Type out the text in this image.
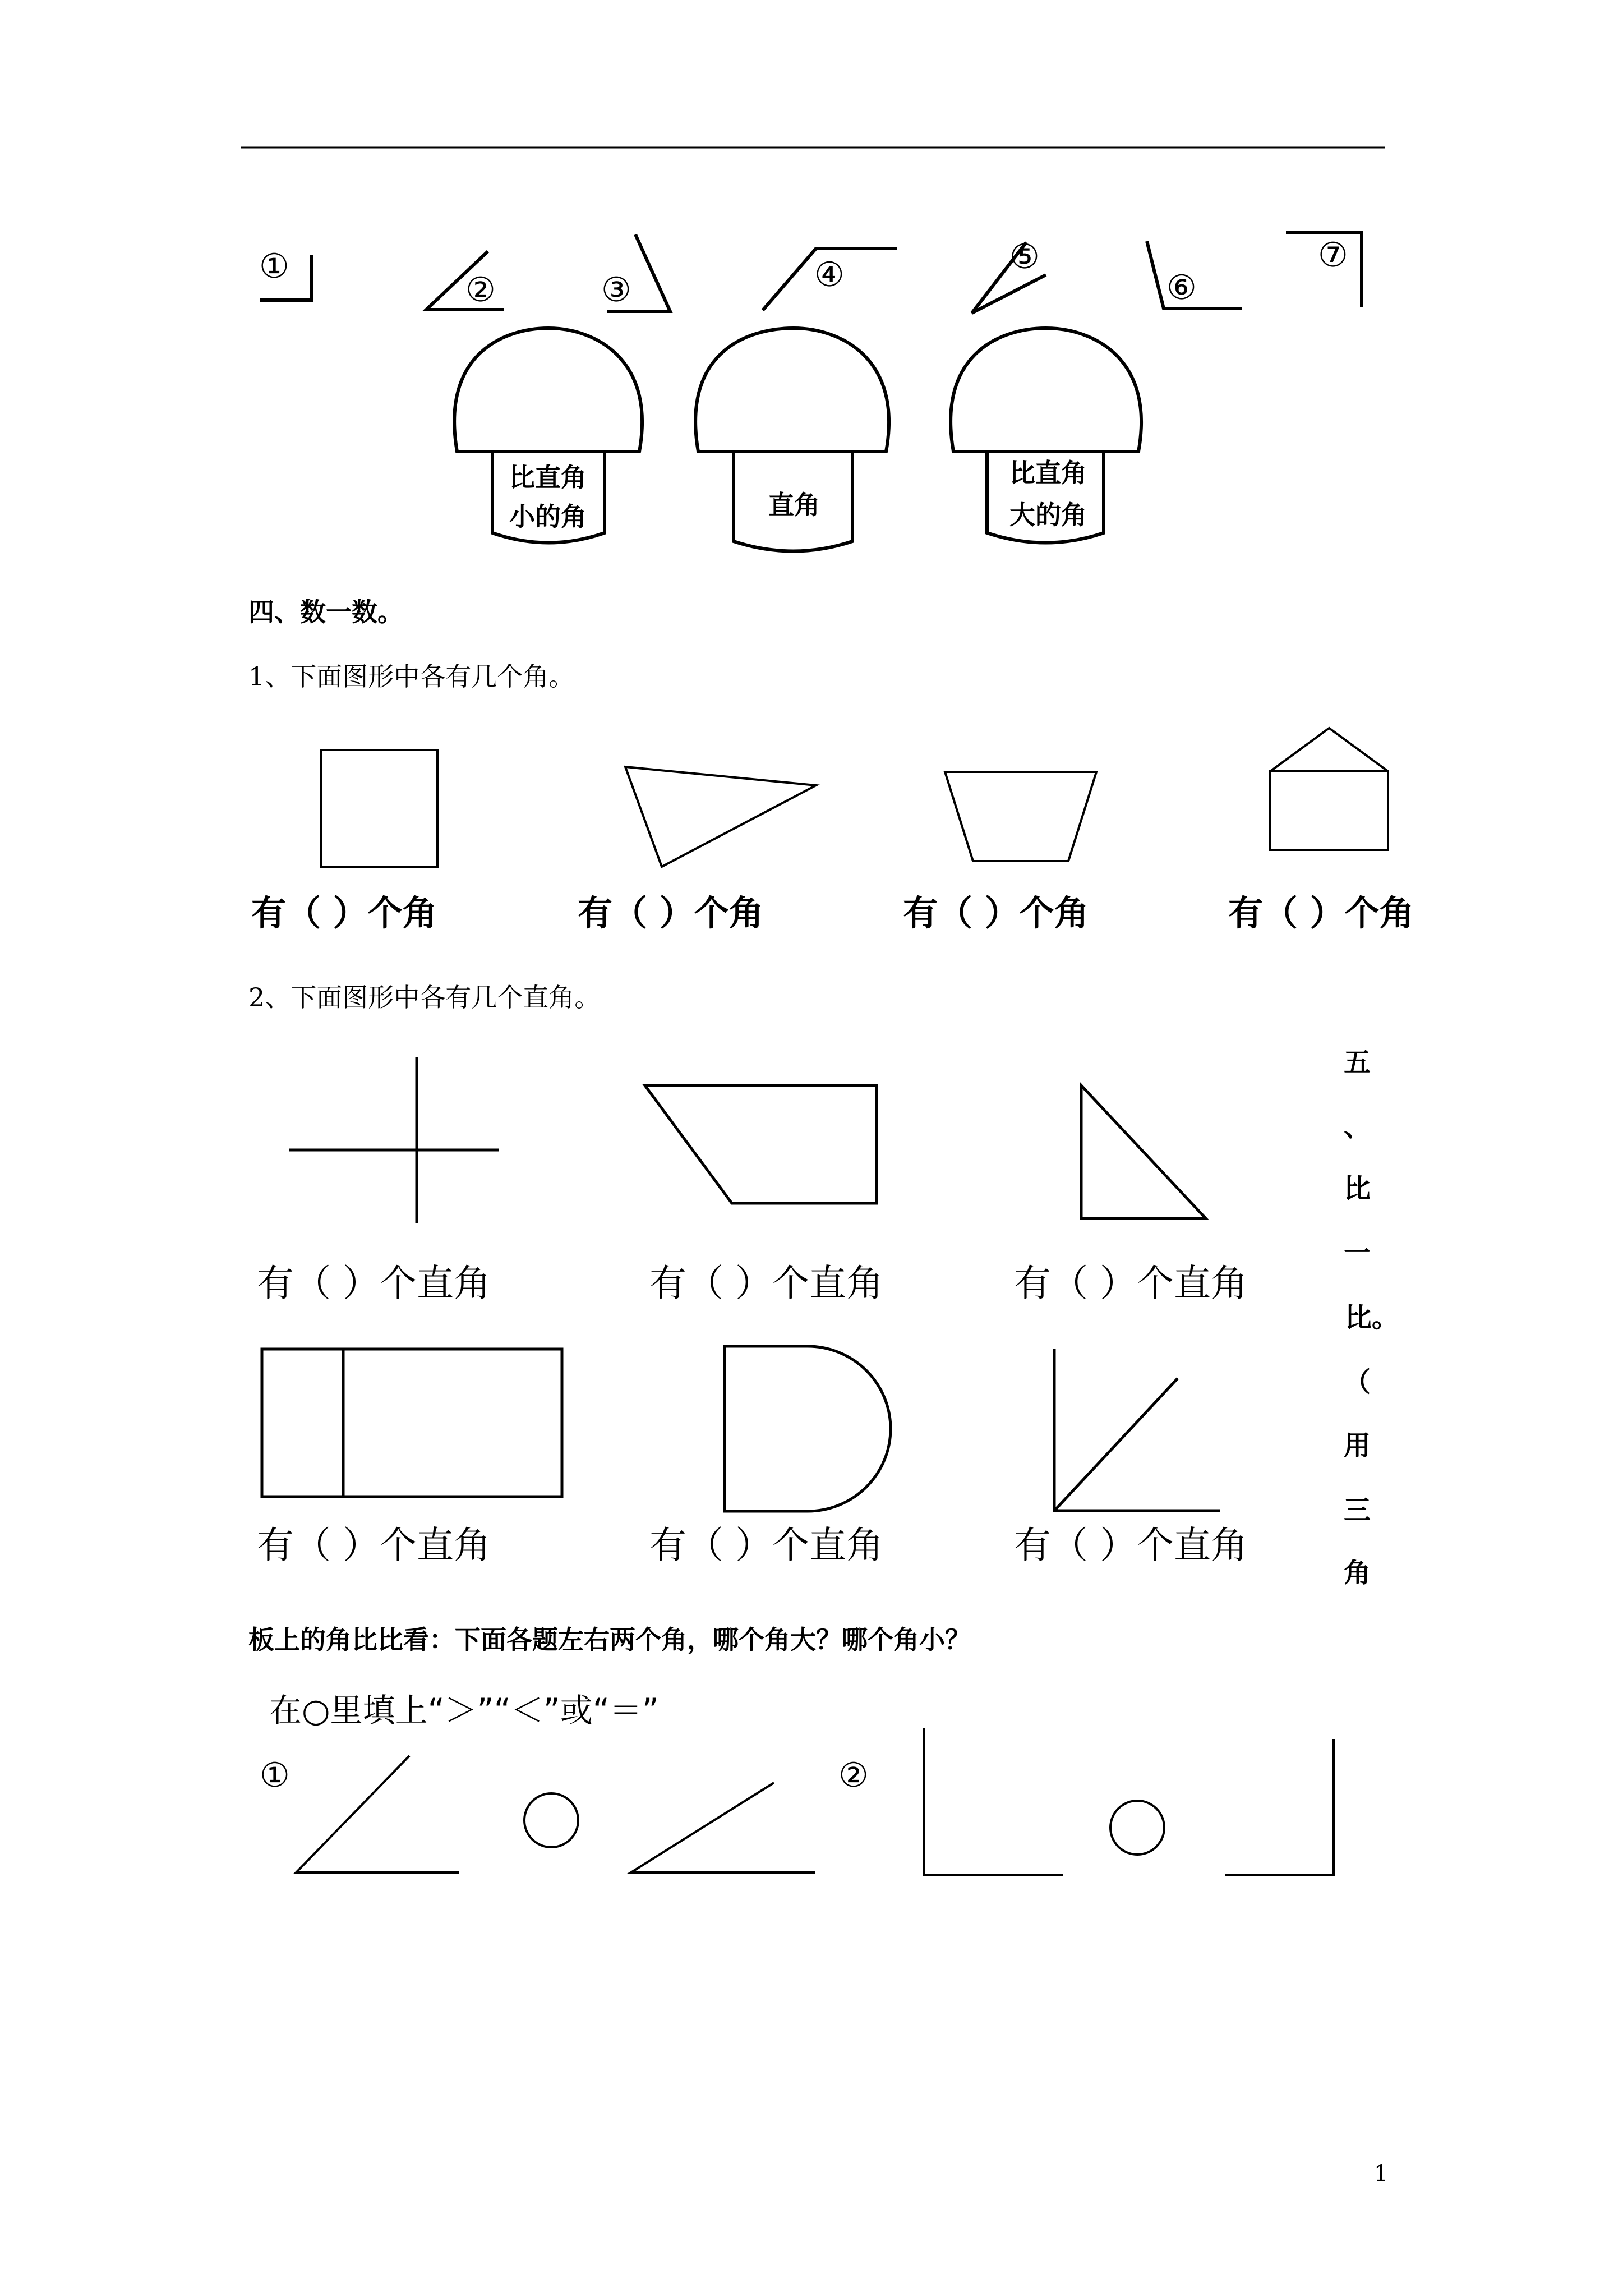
①
②	③	④	⑤
⑥
⑦
比直角
小的角	直角
比直角
大的角
四、数一数。
1、下面图形中各有几个角。
有（ ）个角	有（ ）个角	有（ ）个角	有（ ）个角
2、下面图形中各有几个直角。
有（ ）个直角	有（ ）个直角	有（ ）个直角
有（ ）个直角	有（ ）个直角	有（ ）个直角
五
、
比
一
比。
（
用
三
角
板上的角比比看：下面各题左右两个角，哪个角大？哪个角小？
在○里填上“＞”“＜”或“＝”
①	②
1
